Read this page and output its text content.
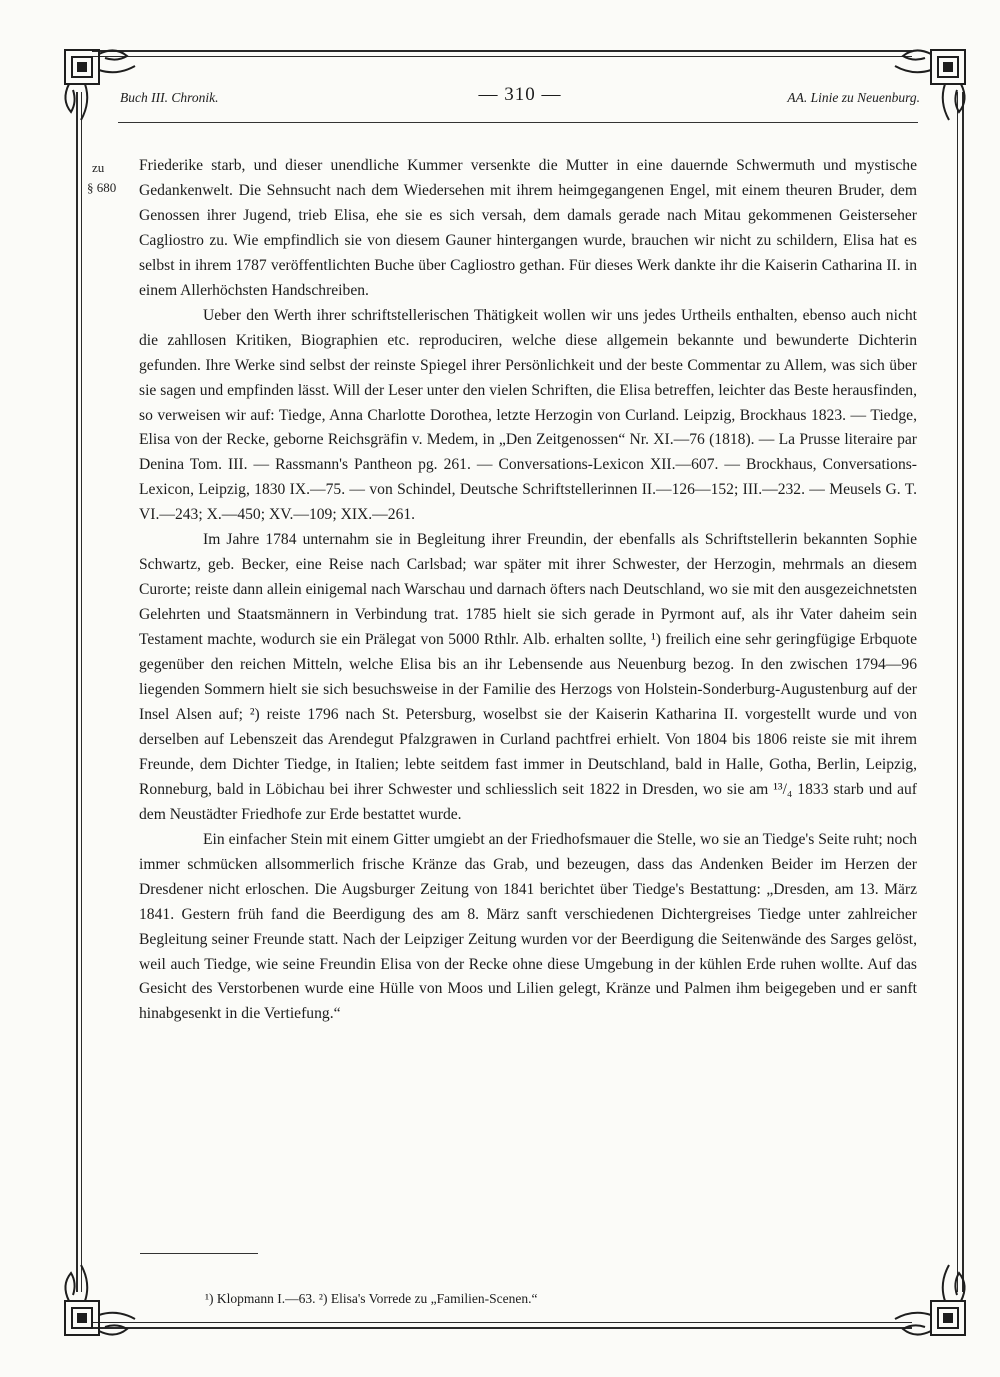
Buch III. Chronik.	— 310 —	AA. Linie zu Neuenburg.
zu
§ 680

Friederike starb, und dieser unendliche Kummer versenkte die Mutter in eine dauernde Schwermuth und mystische Gedankenwelt. Die Sehnsucht nach dem Wiedersehen mit ihrem heimgegangenen Engel, mit einem theuren Bruder, dem Genossen ihrer Jugend, trieb Elisa, ehe sie es sich versah, dem damals gerade nach Mitau gekommenen Geisterseher Cagliostro zu. Wie empfindlich sie von diesem Gauner hintergangen wurde, brauchen wir nicht zu schildern, Elisa hat es selbst in ihrem 1787 veröffentlichten Buche über Cagliostro gethan. Für dieses Werk dankte ihr die Kaiserin Catharina II. in einem Allerhöchsten Handschreiben.

Ueber den Werth ihrer schriftstellerischen Thätigkeit wollen wir uns jedes Urtheils enthalten, ebenso auch nicht die zahllosen Kritiken, Biographien etc. reproduciren, welche diese allgemein bekannte und bewunderte Dichterin gefunden. Ihre Werke sind selbst der reinste Spiegel ihrer Persönlichkeit und der beste Commentar zu Allem, was sich über sie sagen und empfinden lässt. Will der Leser unter den vielen Schriften, die Elisa betreffen, leichter das Beste herausfinden, so verweisen wir auf: Tiedge, Anna Charlotte Dorothea, letzte Herzogin von Curland. Leipzig, Brockhaus 1823. — Tiedge, Elisa von der Recke, geborne Reichsgräfin v. Medem, in „Den Zeitgenossen“ Nr. XI.—76 (1818). — La Prusse literaire par Denina Tom. III. — Rassmann's Pantheon pg. 261. — Conversations-Lexicon XII.—607. — Brockhaus, Conversations-Lexicon, Leipzig, 1830 IX.—75. — von Schindel, Deutsche Schriftstellerinnen II.—126—152; III.—232. — Meusels G. T. VI.—243; X.—450; XV.—109; XIX.—261.

Im Jahre 1784 unternahm sie in Begleitung ihrer Freundin, der ebenfalls als Schriftstellerin bekannten Sophie Schwartz, geb. Becker, eine Reise nach Carlsbad; war später mit ihrer Schwester, der Herzogin, mehrmals an diesem Curorte; reiste dann allein einigemal nach Warschau und darnach öfters nach Deutschland, wo sie mit den ausgezeichnetsten Gelehrten und Staatsmännern in Verbindung trat. 1785 hielt sie sich gerade in Pyrmont auf, als ihr Vater daheim sein Testament machte, wodurch sie ein Prälegat von 5000 Rthlr. Alb. erhalten sollte, ¹) freilich eine sehr geringfügige Erbquote gegenüber den reichen Mitteln, welche Elisa bis an ihr Lebensende aus Neuenburg bezog. In den zwischen 1794—96 liegenden Sommern hielt sie sich besuchsweise in der Familie des Herzogs von Holstein-Sonderburg-Augustenburg auf der Insel Alsen auf; ²) reiste 1796 nach St. Petersburg, woselbst sie der Kaiserin Katharina II. vorgestellt wurde und von derselben auf Lebenszeit das Arendegut Pfalzgrawen in Curland pachtfrei erhielt. Von 1804 bis 1806 reiste sie mit ihrem Freunde, dem Dichter Tiedge, in Italien; lebte seitdem fast immer in Deutschland, bald in Halle, Gotha, Berlin, Leipzig, Ronneburg, bald in Löbichau bei ihrer Schwester und schliesslich seit 1822 in Dresden, wo sie am ¹³/₄ 1833 starb und auf dem Neustädter Friedhofe zur Erde bestattet wurde.

Ein einfacher Stein mit einem Gitter umgiebt an der Friedhofsmauer die Stelle, wo sie an Tiedge's Seite ruht; noch immer schmücken allsommerlich frische Kränze das Grab, und bezeugen, dass das Andenken Beider im Herzen der Dresdener nicht erloschen. Die Augsburger Zeitung von 1841 berichtet über Tiedge's Bestattung: „Dresden, am 13. März 1841. Gestern früh fand die Beerdigung des am 8. März sanft verschiedenen Dichtergreises Tiedge unter zahlreicher Begleitung seiner Freunde statt. Nach der Leipziger Zeitung wurden vor der Beerdigung die Seitenwände des Sarges gelöst, weil auch Tiedge, wie seine Freundin Elisa von der Recke ohne diese Umgebung in der kühlen Erde ruhen wollte. Auf das Gesicht des Verstorbenen wurde eine Hülle von Moos und Lilien gelegt, Kränze und Palmen ihm beigegeben und er sanft hinabgesenkt in die Vertiefung.“

¹) Klopmann I.—63. ²) Elisa's Vorrede zu „Familien-Scenen.“
